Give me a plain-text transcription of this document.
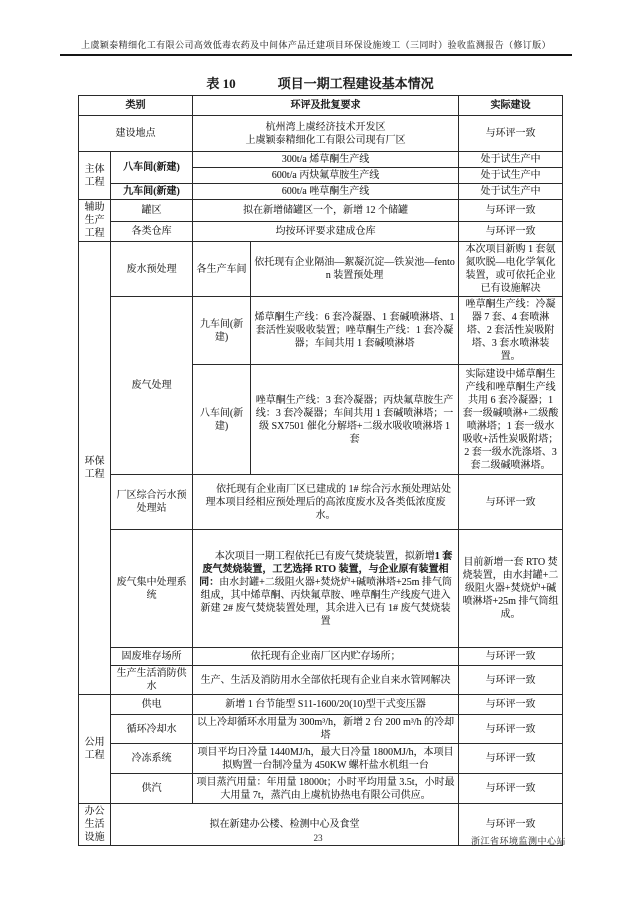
上虞颖泰精细化工有限公司高效低毒农药及中间体产品迁建项目环保设施竣工（三同时）验收监测报告（修订版）
表 10	项目一期工程建设基本情况
类别		环评及批复要求		实际建设
建设地点		杭州湾上虞经济技术开发区
上虞颖泰精细化工有限公司现有厂区		与环评一致
主体工程	八车间(新建)	300t/a 烯草酮生产线		处于试生产中
		600t/a 丙炔氟草胺生产线		处于试生产中
	九车间(新建)	600t/a 唑草酮生产线		处于试生产中
辅助生产工程	罐区	拟在新增储罐区一个，新增 12 个储罐		与环评一致
	各类仓库	均按环评要求建成仓库		与环评一致
环保工程	废水预处理	各生产车间	依托现有企业隔油—絮凝沉淀—铁炭池—fenton 装置预处理	本次项目新购 1 套氨氮吹脱—电化学氧化装置，或可依托企业已有设施解决
	废气处理	九车间(新建)	烯草酮生产线：6 套冷凝器、1 套碱喷淋塔、1 套活性炭吸收装置；唑草酮生产线：1 套冷凝器；车间共用 1 套碱喷淋塔	唑草酮生产线：冷凝器 7 套、4 套喷淋塔、2 套活性炭吸附塔、3 套水喷淋装置。
		八车间(新建)	唑草酮生产线：3 套冷凝器；丙炔氟草胺生产线：3 套冷凝器；车间共用 1 套碱喷淋塔；一级 SX7501 催化分解塔+二级水吸收喷淋塔 1 套	实际建设中烯草酮生产线和唑草酮生产线共用 6 套冷凝器；1 套一级碱喷淋+二级酸喷淋塔；1 套一级水吸收+活性炭吸附塔；2 套一级水洗涤塔、3 套二级碱喷淋塔。
	厂区综合污水预处理站	依托现有企业南厂区已建成的 1# 综合污水预处理站处理本项目经相应预处理后的高浓度废水及各类低浓度废水。		与环评一致
	废气集中处理系统	本次项目一期工程依托已有废气焚烧装置，拟新增1 套废气焚烧装置，工艺选择 RTO 装置，与企业原有装置相同：由水封罐+二级阻火器+焚烧炉+碱喷淋塔+25m 排气筒组成，其中烯草酮、丙炔氟草胺、唑草酮生产线废气进入新建 2# 废气焚烧装置处理，其余进入已有 1# 废气焚烧装置		目前新增一套 RTO 焚烧装置，由水封罐+二级阻火器+焚烧炉+碱喷淋塔+25m 排气筒组成。
	固废堆存场所	依托现有企业南厂区内贮存场所；		与环评一致
	生产生活消防供水	生产、生活及消防用水全部依托现有企业自来水管网解决		与环评一致
公用工程	供电	新增 1 台节能型 S11-1600/20(10)型干式变压器		与环评一致
	循环冷却水	以上冷却循环水用量为 300m³/h，新增 2 台 200 m³/h 的冷却塔		与环评一致
	冷冻系统	项目平均日冷量 1440MJ/h，最大日冷量 1800MJ/h，本项目拟购置一台制冷量为 450KW 螺杆盐水机组一台		与环评一致
	供汽	项目蒸汽用量：年用量 18000t；小时平均用量 3.5t，小时最大用量 7t，蒸汽由上虞杭协热电有限公司供应。		与环评一致
办公生活设施	拟在新建办公楼、检测中心及食堂			与环评一致
23	浙江省环境监测中心站
